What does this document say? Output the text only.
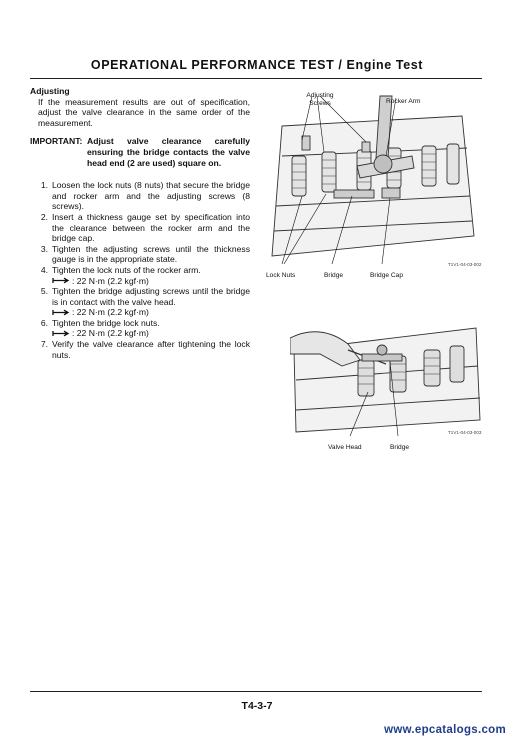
OPERATIONAL PERFORMANCE TEST / Engine Test
Adjusting
If the measurement results are out of specification, adjust the valve clearance in the same order of the measurement.
IMPORTANT: Adjust valve clearance carefully ensuring the bridge contacts the valve head end (2 are used) square on.
1. Loosen the lock nuts (8 nuts) that secure the bridge and rocker arm and the adjusting screws (8 screws).
2. Insert a thickness gauge set by specification into the clearance between the rocker arm and the bridge cap.
3. Tighten the adjusting screws until the thickness gauge is in the appropriate state.
4. Tighten the lock nuts of the rocker arm.
: 22 N·m (2.2 kgf·m)
5. Tighten the bridge adjusting screws until the bridge is in contact with the valve head.
: 22 N·m (2.2 kgf·m)
6. Tighten the bridge lock nuts.
: 22 N·m (2.2 kgf·m)
7. Verify the valve clearance after tightening the lock nuts.
Adjusting Screws	Rocker Arm
Lock Nuts	Bridge	Bridge Cap
T1V1-04-03-002
Valve Head	Bridge
T1V1-04-03-003
T4-3-7
www.epcatalogs.com
